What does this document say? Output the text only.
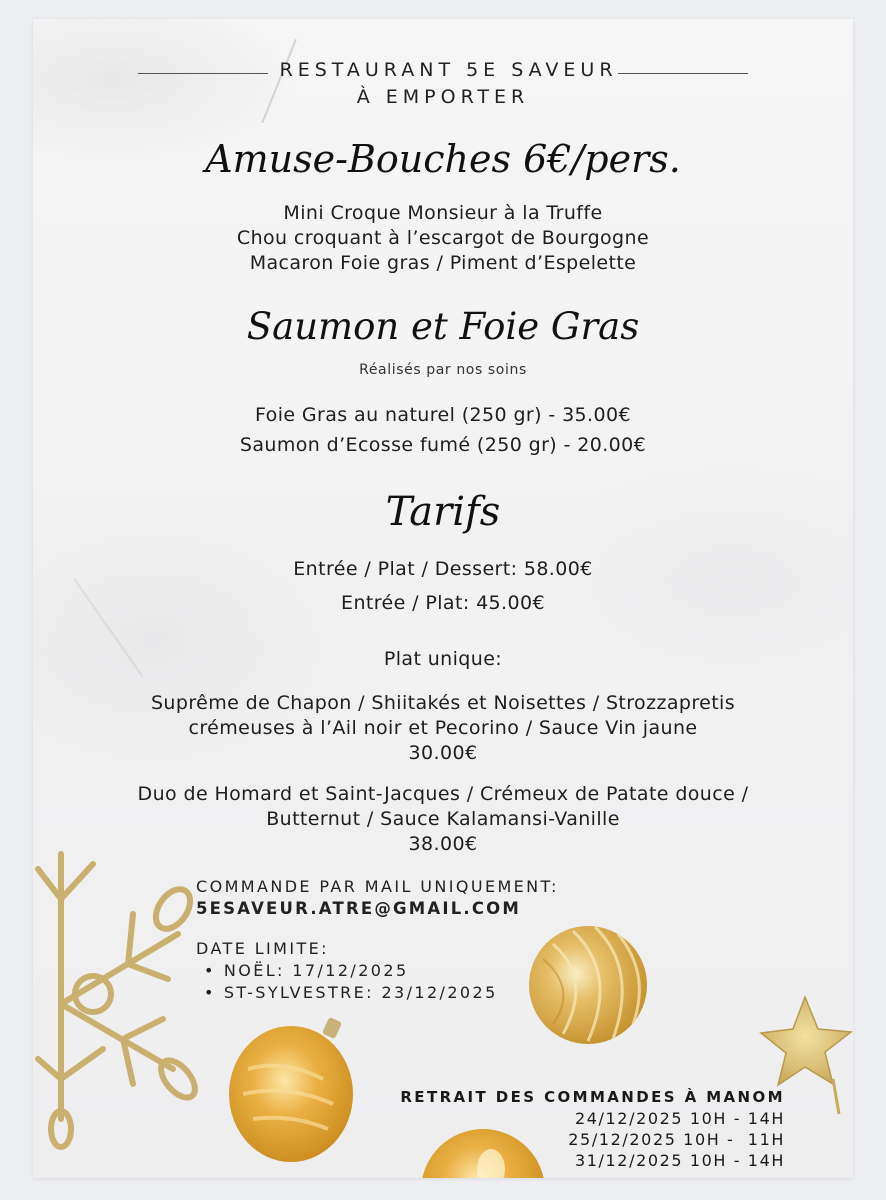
RESTAURANT 5E SAVEUR
À EMPORTER
Amuse-Bouches 6€/pers.
Mini Croque Monsieur à la Truffe
Chou croquant à l’escargot de Bourgogne
Macaron Foie gras / Piment d’Espelette
Saumon et Foie Gras
Réalisés par nos soins
Foie Gras au naturel (250 gr) - 35.00€
Saumon d’Ecosse fumé (250 gr) - 20.00€
Tarifs
Entrée / Plat / Dessert: 58.00€
Entrée / Plat: 45.00€
Plat unique:
Suprême de Chapon / Shiitakés et Noisettes / Strozzapretis
crémeuses à l’Ail noir et Pecorino / Sauce Vin jaune
30.00€
Duo de Homard et Saint-Jacques / Crémeux de Patate douce /
Butternut / Sauce Kalamansi-Vanille
38.00€
COMMANDE PAR MAIL UNIQUEMENT:
5ESAVEUR.ATRE@GMAIL.COM
DATE LIMITE:
• NOËL: 17/12/2025
• ST-SYLVESTRE: 23/12/2025
RETRAIT DES COMMANDES À MANOM
24/12/2025 10H - 14H
25/12/2025 10H -  11H
31/12/2025 10H - 14H
